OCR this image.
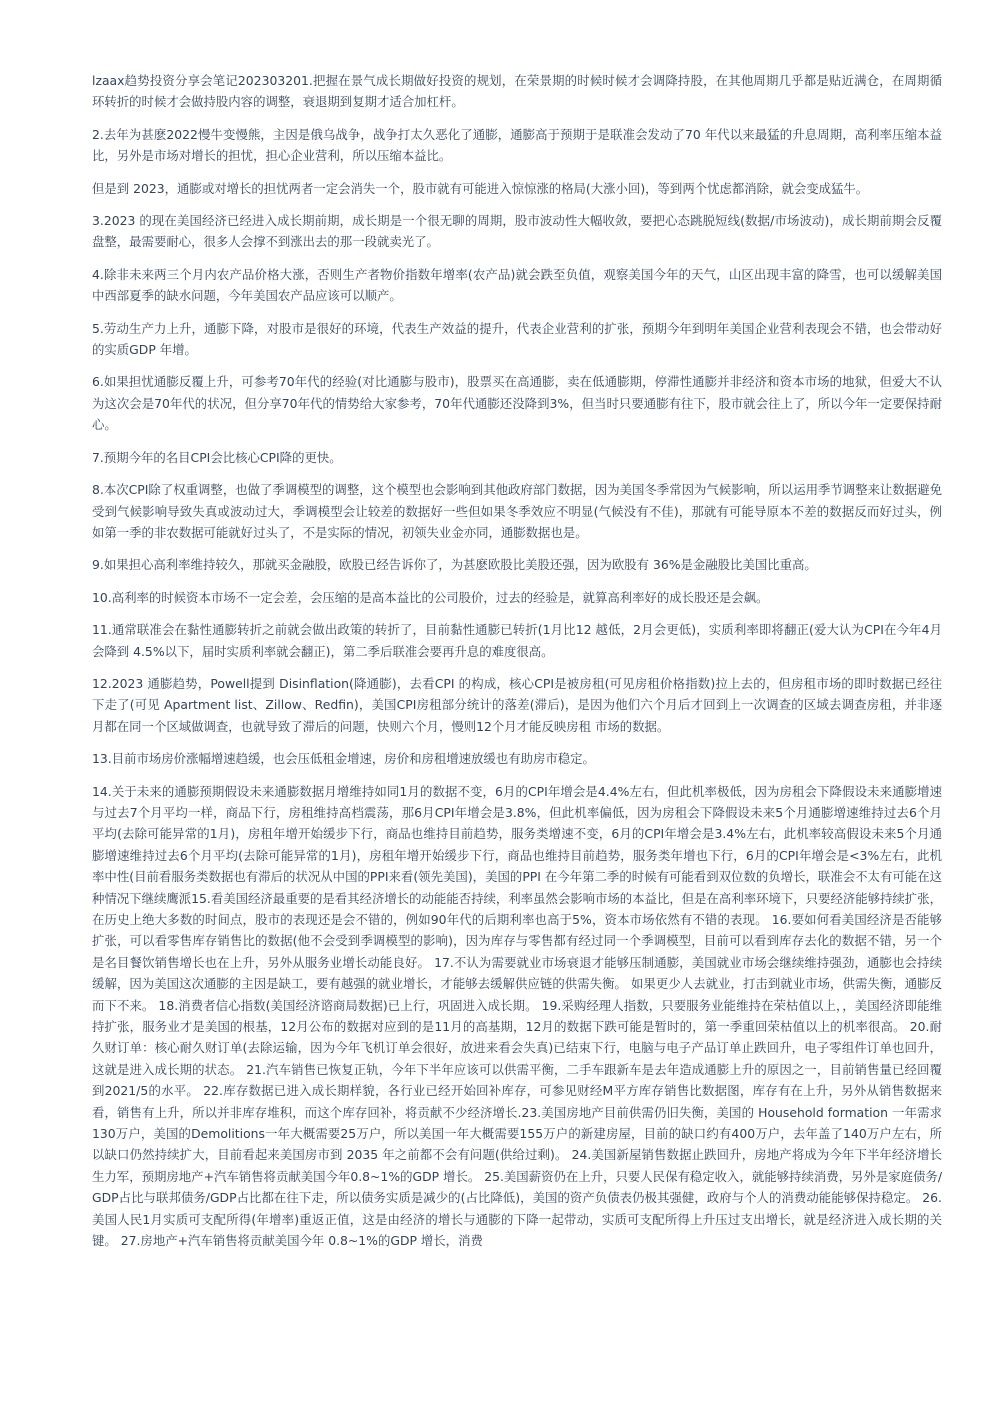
lzaax趋势投资分享会笔记202303201.把握在景气成长期做好投资的规划，在荣景期的时候时候才会调降持股，在其他周期几乎都是贴近满仓，在周期循环转折的时候才会做持股内容的调整，衰退期到复期才适合加杠杆。

2.去年为甚麽2022慢牛变慢熊，主因是俄乌战争，战争打太久恶化了通膨，通膨高于预期于是联准会发动了70 年代以来最猛的升息周期，高利率压缩本益比，另外是市场对增长的担忧，担心企业营利，所以压缩本益比。

但是到 2023，通膨或对增长的担忧两者一定会消失一个，股市就有可能进入惊惊涨的格局(大涨小回)，等到两个忧虑都消除，就会变成猛牛。

3.2023 的现在美国经济已经进入成长期前期，成长期是一个很无聊的周期，股市波动性大幅收敛，要把心态跳脱短线(数据/市场波动)，成长期前期会反覆盘整，最需要耐心，很多人会撑不到涨出去的那一段就卖光了。

4.除非未来两三个月内农产品价格大涨，否则生产者物价指数年增率(农产品)就会跌至负值，观察美国今年的天气，山区出现丰富的降雪，也可以缓解美国中西部夏季的缺水问题，今年美国农产品应该可以顺产。

5.劳动生产力上升，通膨下降，对股市是很好的环境，代表生产效益的提升，代表企业营利的扩张，预期今年到明年美国企业营利表现会不错，也会带动好的实质GDP 年增。

6.如果担忧通膨反覆上升，可参考70年代的经验(对比通膨与股市)，股票买在高通膨，卖在低通膨期，停滞性通膨并非经济和资本市场的地狱，但爱大不认为这次会是70年代的状况，但分享70年代的情势给大家参考，70年代通膨还没降到3%，但当时只要通膨有往下，股市就会往上了，所以今年一定要保持耐心。

7.预期今年的名目CPI会比核心CPI降的更快。

8.本次CPI除了权重调整，也做了季调模型的调整，这个模型也会影响到其他政府部门数据，因为美国冬季常因为气候影响，所以运用季节调整来让数据避免受到气候影响导致失真或波动过大，季调模型会让较差的数据好一些但如果冬季效应不明显(气候没有不佳)，那就有可能导原本不差的数据反而好过头，例如第一季的非农数据可能就好过头了，不是实际的情况，初领失业金亦同，通膨数据也是。

9.如果担心高利率维持较久，那就买金融股，欧股已经告诉你了，为甚麽欧股比美股还强，因为欧股有 36%是金融股比美国比重高。

10.高利率的时候资本市场不一定会差，会压缩的是高本益比的公司股价，过去的经验是，就算高利率好的成长股还是会飙。

11.通常联准会在黏性通膨转折之前就会做出政策的转折了，目前黏性通膨已转折(1月比12 越低，2月会更低)，实质利率即将翻正(爱大认为CPI在今年4月会降到 4.5%以下，届时实质利率就会翻正)，第二季后联准会要再升息的难度很高。

12.2023 通膨趋势，Powell提到 Disinflation(降通膨)，去看CPI 的构成，核心CPI是被房租(可见房租价格指数)拉上去的，但房租市场的即时数据已经往下走了(可见 Apartment list、Zillow、Redfin)，美国CPI房租部分统计的落差(滞后)，是因为他们六个月后才回到上一次调查的区域去调查房租，并非逐月都在同一个区域做调查，也就导致了滞后的问题，快则六个月，慢则12个月才能反映房租 市场的数据。

13.目前市场房价涨幅增速趋缓，也会压低租金增速，房价和房租增速放缓也有助房市稳定。

14.关于未来的通膨预期假设未来通膨数据月增维持如同1月的数据不变，6月的CPI年增会是4.4%左右，但此机率极低，因为房租会下降假设未来通膨增速与过去7个月平均一样，商品下行，房租维持高档震荡，那6月CPI年增会是3.8%，但此机率偏低，因为房租会下降假设未来5个月通膨增速维持过去6个月平均(去除可能异常的1月)，房租年增开始缓步下行，商品也维持目前趋势，服务类增速不变，6月的CPI年增会是3.4%左右，此机率较高假设未来5个月通膨增速维持过去6个月平均(去除可能异常的1月)，房租年增开始缓步下行，商品也维持目前趋势，服务类年增也下行，6月的CPI年增会是<3%左右，此机率中性(目前看服务类数据也有滞后的状况从中国的PPI来看(领先美国)，美国的PPI 在今年第二季的时候有可能看到双位数的负增长，联准会不太有可能在这种情况下继续鹰派15.看美国经济最重要的是看其经济增长的动能能否持续，利率虽然会影响市场的本益比，但是在高利率环境下，只要经济能够持续扩张，在历史上绝大多数的时间点，股市的表现还是会不错的，例如90年代的后期利率也高于5%，资本市场依然有不错的表现。 16.要如何看美国经济是否能够扩张，可以看零售库存销售比的数据(他不会受到季调模型的影响)，因为库存与零售都有经过同一个季调模型，目前可以看到库存去化的数据不错，另一个是名目餐饮销售增长也在上升，另外从服务业增长动能良好。 17.不认为需要就业市场衰退才能够压制通膨，美国就业市场会继续维持强劲，通膨也会持续缓解，因为美国这次通膨的主因是缺工，要有越强的就业增长，才能够去缓解供应链的供需失衡。 如果更少人去就业，打击到就业市场，供需失衡，通膨反而下不来。 18.消费者信心指数(美国经济谘商局数据)已上行，巩固进入成长期。 19.采购经理人指数，只要服务业能维持在荣枯值以上，，美国经济即能维持扩张，服务业才是美国的根基，12月公布的数据对应到的是11月的高基期，12月的数据下跌可能是暂时的，第一季重回荣枯值以上的机率很高。 20.耐久财订单：核心耐久财订单(去除运输，因为今年飞机订单会很好，放进来看会失真)已结束下行，电脑与电子产品订单止跌回升，电子零组件订单也回升，这就是进入成长期的状态。 21.汽车销售已恢复正轨，今年下半年应该可以供需平衡，二手车跟新车是去年造成通膨上升的原因之一，目前销售量已经回覆到2021/5的水平。 22.库存数据已进入成长期样貌，各行业已经开始回补库存，可参见财经M平方库存销售比数据图，库存有在上升，另外从销售数据来看，销售有上升，所以并非库存堆积，而这个库存回补，将贡献不少经济增长.23.美国房地产目前供需仍旧失衡，美国的 Household formation 一年需求130万户，美国的Demolitions一年大概需要25万户，所以美国一年大概需要155万户的新建房屋，目前的缺口约有400万户，去年盖了140万户左右，所以缺口仍然持续扩大，目前看起来美国房市到 2035 年之前都不会有问题(供给过剩)。 24.美国新屋销售数据止跌回升，房地产将成为今年下半年经济增长生力军，预期房地产+汽车销售将贡献美国今年0.8~1%的GDP 增长。 25.美国薪资仍在上升，只要人民保有稳定收入，就能够持续消费，另外是家庭债务/GDP占比与联邦债务/GDP占比都在往下走，所以债务实质是减少的(占比降低)，美国的资产负债表仍极其强健，政府与个人的消费动能能够保持稳定。 26.美国人民1月实质可支配所得(年增率)重返正值，这是由经济的增长与通膨的下降一起带动，实质可支配所得上升压过支出增长，就是经济进入成长期的关键。 27.房地产+汽车销售将贡献美国今年 0.8~1%的GDP 增长，消费
